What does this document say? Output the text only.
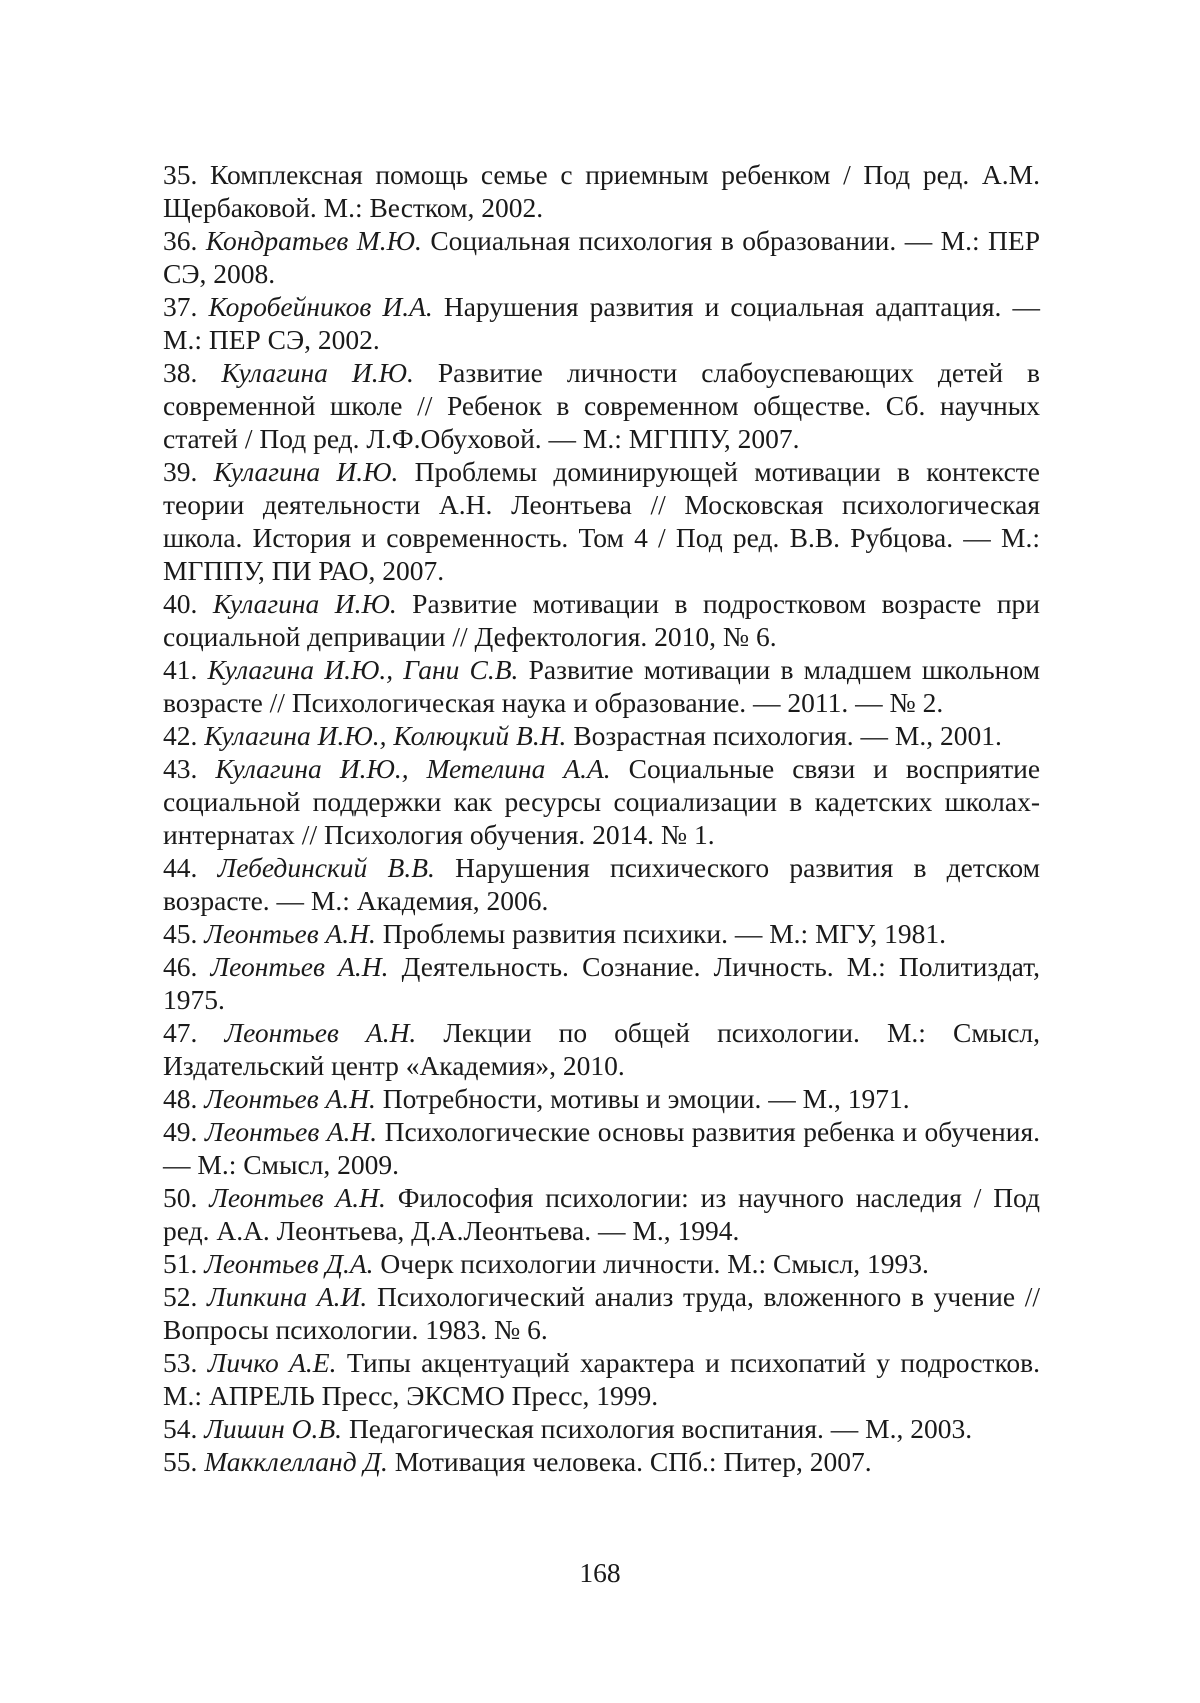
35. Комплексная помощь семье с приемным ребенком / Под ред. А.М. Щербаковой. М.: Вестком, 2002.

36. Кондратьев М.Ю. Социальная психология в образовании. — М.: ПЕР СЭ, 2008.

37. Коробейников И.А. Нарушения развития и социальная адаптация. — М.: ПЕР СЭ, 2002.

38. Кулагина И.Ю. Развитие личности слабоуспевающих детей в современной школе // Ребенок в современном обществе. Сб. научных статей / Под ред. Л.Ф.Обуховой. — М.: МГППУ, 2007.

39. Кулагина И.Ю. Проблемы доминирующей мотивации в контексте теории деятельности А.Н. Леонтьева // Московская психологическая школа. История и современность. Том 4 / Под ред. В.В. Рубцова. — М.: МГППУ, ПИ РАО, 2007.

40. Кулагина И.Ю. Развитие мотивации в подростковом возрасте при социальной депривации // Дефектология. 2010, № 6.

41. Кулагина И.Ю., Гани С.В. Развитие мотивации в младшем школьном возрасте // Психологическая наука и образование. — 2011. — № 2.

42. Кулагина И.Ю., Колюцкий В.Н. Возрастная психология. — М., 2001.

43. Кулагина И.Ю., Метелина А.А. Социальные связи и восприятие социальной поддержки как ресурсы социализации в кадетских школах-интернатах // Психология обучения. 2014. № 1.

44. Лебединский В.В. Нарушения психического развития в детском возрасте. — М.: Академия, 2006.

45. Леонтьев А.Н. Проблемы развития психики. — М.: МГУ, 1981.

46. Леонтьев А.Н. Деятельность. Сознание. Личность. М.: Политиздат, 1975.

47. Леонтьев А.Н. Лекции по общей психологии. М.: Смысл, Издательский центр «Академия», 2010.

48. Леонтьев А.Н. Потребности, мотивы и эмоции. — М., 1971.

49. Леонтьев А.Н. Психологические основы развития ребенка и обучения. — М.: Смысл, 2009.

50. Леонтьев А.Н. Философия психологии: из научного наследия / Под ред. А.А. Леонтьева, Д.А.Леонтьева. — М., 1994.

51. Леонтьев Д.А. Очерк психологии личности. М.: Смысл, 1993.

52. Липкина А.И. Психологический анализ труда, вложенного в учение // Вопросы психологии. 1983. № 6.

53. Личко А.Е. Типы акцентуаций характера и психопатий у подростков. М.: АПРЕЛЬ Пресс, ЭКСМО Пресс, 1999.

54. Лишин О.В. Педагогическая психология воспитания. — М., 2003.

55. Макклелланд Д. Мотивация человека. СПб.: Питер, 2007.

168
